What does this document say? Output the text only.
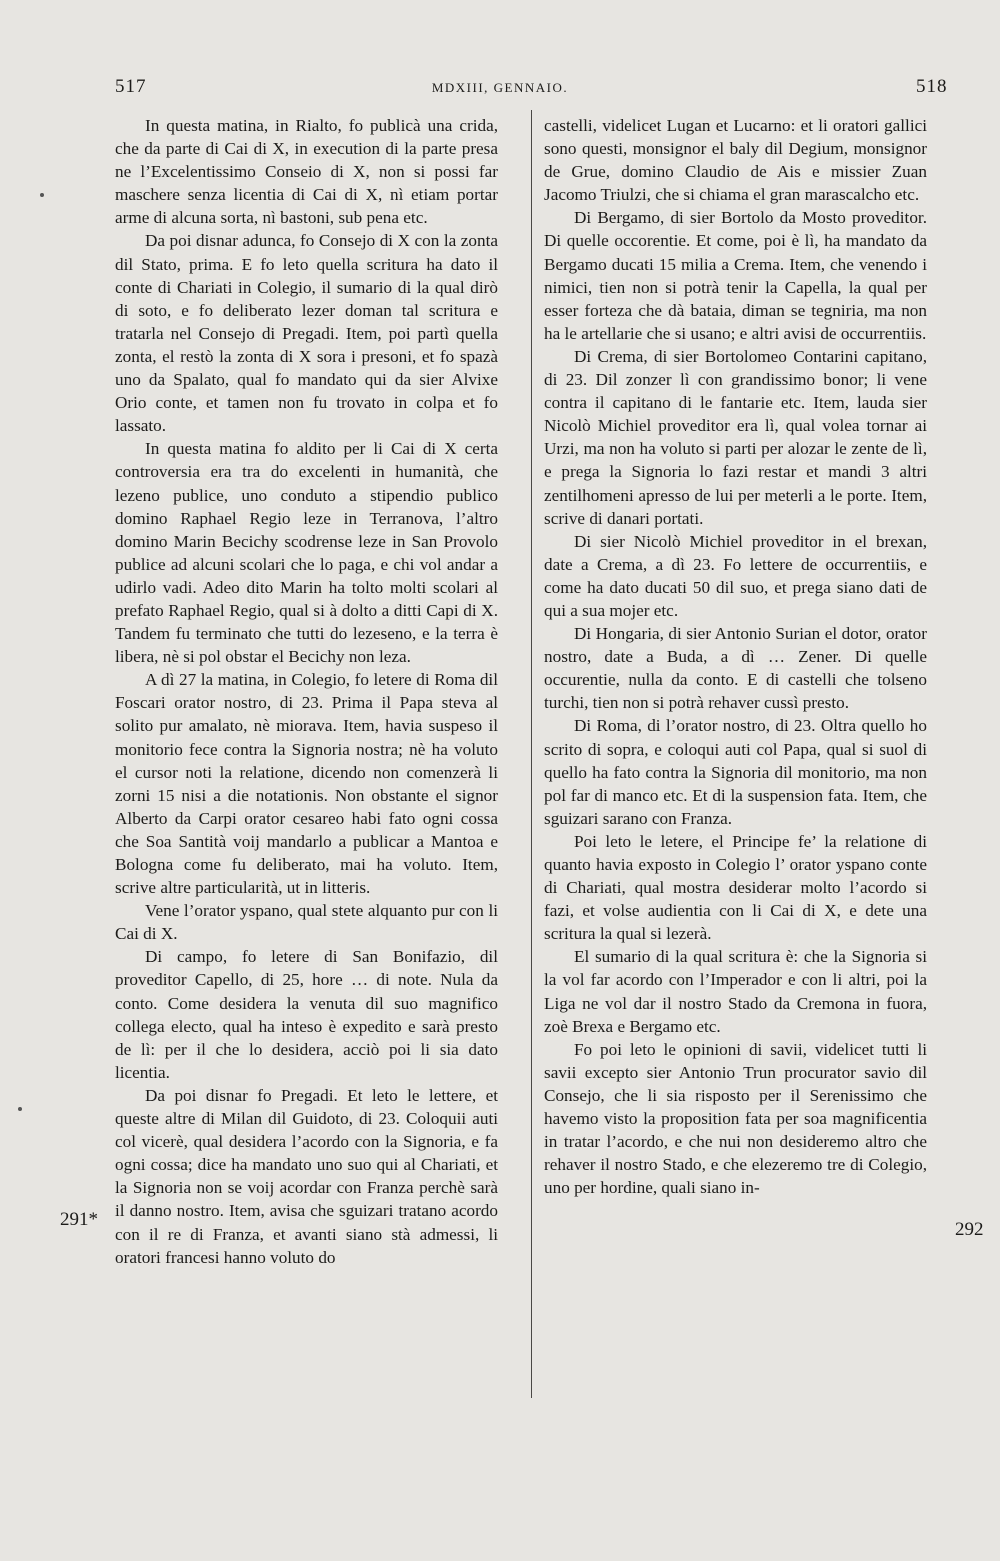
517	MDXIII, GENNAIO.	518

In questa matina, in Rialto, fo publicà una crida, che da parte di Cai di X, in execution di la parte presa ne l’Excelentissimo Conseio di X, non si possi far maschere senza licentia di Cai di X, nì etiam portar arme di alcuna sorta, nì bastoni, sub pena etc.

Da poi disnar adunca, fo Consejo di X con la zonta dil Stato, prima. E fo leto quella scritura ha dato il conte di Chariati in Colegio, il sumario di la qual dirò di soto, e fo deliberato lezer doman tal scritura e tratarla nel Consejo di Pregadi. Item, poi partì quella zonta, el restò la zonta di X sora i presoni, et fo spazà uno da Spalato, qual fo mandato qui da sier Alvixe Orio conte, et tamen non fu trovato in colpa et fo lassato.

In questa matina fo aldito per li Cai di X certa controversia era tra do excelenti in humanità, che lezeno publice, uno conduto a stipendio publico domino Raphael Regio leze in Terranova, l’altro domino Marin Becichy scodrense leze in San Provolo publice ad alcuni scolari che lo paga, e chi vol andar a udirlo vadi. Adeo dito Marin ha tolto molti scolari al prefato Raphael Regio, qual si à dolto a ditti Capi di X. Tandem fu terminato che tutti do lezeseno, e la terra è libera, nè si pol obstar el Becichy non leza.

A dì 27 la matina, in Colegio, fo letere di Roma dil Foscari orator nostro, di 23. Prima il Papa steva al solito pur amalato, nè miorava. Item, havia suspeso il monitorio fece contra la Signoria nostra; nè ha voluto el cursor noti la relatione, dicendo non comenzerà li zorni 15 nisi a die notationis. Non obstante el signor Alberto da Carpi orator cesareo habi fato ogni cossa che Soa Santità voij mandarlo a publicar a Mantoa e Bologna come fu deliberato, mai ha voluto. Item, scrive altre particularità, ut in litteris.

Vene l’orator yspano, qual stete alquanto pur con li Cai di X.

Di campo, fo letere di San Bonifazio, dil proveditor Capello, di 25, hore … di note. Nula da conto. Come desidera la venuta dil suo magnifico collega electo, qual ha inteso è expedito e sarà presto de lì: per il che lo desidera, acciò poi li sia dato licentia.

Da poi disnar fo Pregadi. Et leto le lettere, et queste altre di Milan dil Guidoto, di 23. Coloquii auti col vicerè, qual desidera l’acordo con la Signoria, e fa ogni cossa; dice ha mandato uno suo qui al Chariati, et la Signoria non se voij acordar con Franza perchè sarà il danno nostro. Item, avisa che sguizari tratano acordo con il re di Franza, et avanti siano stà admessi, li oratori francesi hanno voluto do

castelli, videlicet Lugan et Lucarno: et li oratori gallici sono questi, monsignor el baly dil Degium, monsignor de Grue, domino Claudio de Ais e missier Zuan Jacomo Triulzi, che si chiama el gran marascalcho etc.

Di Bergamo, di sier Bortolo da Mosto proveditor. Di quelle occorentie. Et come, poi è lì, ha mandato da Bergamo ducati 15 milia a Crema. Item, che venendo i nimici, tien non si potrà tenir la Capella, la qual per esser forteza che dà bataia, diman se tegniria, ma non ha le artellarie che si usano; e altri avisi de occurrentiis.

Di Crema, di sier Bortolomeo Contarini capitano, di 23. Dil zonzer lì con grandissimo bonor; li vene contra il capitano di le fantarie etc. Item, lauda sier Nicolò Michiel proveditor era lì, qual volea tornar ai Urzi, ma non ha voluto si parti per alozar le zente de lì, e prega la Signoria lo fazi restar et mandi 3 altri zentilhomeni apresso de lui per meterli a le porte. Item, scrive di danari portati.

Di sier Nicolò Michiel proveditor in el brexan, date a Crema, a dì 23. Fo lettere de occurrentiis, e come ha dato ducati 50 dil suo, et prega siano dati de qui a sua mojer etc.

Di Hongaria, di sier Antonio Surian el dotor, orator nostro, date a Buda, a dì … Zener. Di quelle occurentie, nulla da conto. E di castelli che tolseno turchi, tien non si potrà rehaver cussì presto.

Di Roma, di l’orator nostro, di 23. Oltra quello ho scrito di sopra, e coloqui auti col Papa, qual si suol di quello ha fato contra la Signoria dil monitorio, ma non pol far di manco etc. Et di la suspension fata. Item, che sguizari sarano con Franza.

Poi leto le letere, el Principe fe’ la relatione di quanto havia exposto in Colegio l’ orator yspano conte di Chariati, qual mostra desiderar molto l’acordo si fazi, et volse audientia con li Cai di X, e dete una scritura la qual si lezerà.

El sumario di la qual scritura è: che la Signoria si la vol far acordo con l’Imperador e con li altri, poi la Liga ne vol dar il nostro Stado da Cremona in fuora, zoè Brexa e Bergamo etc.

Fo poi leto le opinioni di savii, videlicet tutti li savii excepto sier Antonio Trun procurator savio dil Consejo, che li sia risposto per il Serenissimo che havemo visto la proposition fata per soa magnificentia in tratar l’acordo, e che nui non desideremo altro che rehaver il nostro Stado, e che elezeremo tre di Colegio, uno per hordine, quali siano in-

291*	292
